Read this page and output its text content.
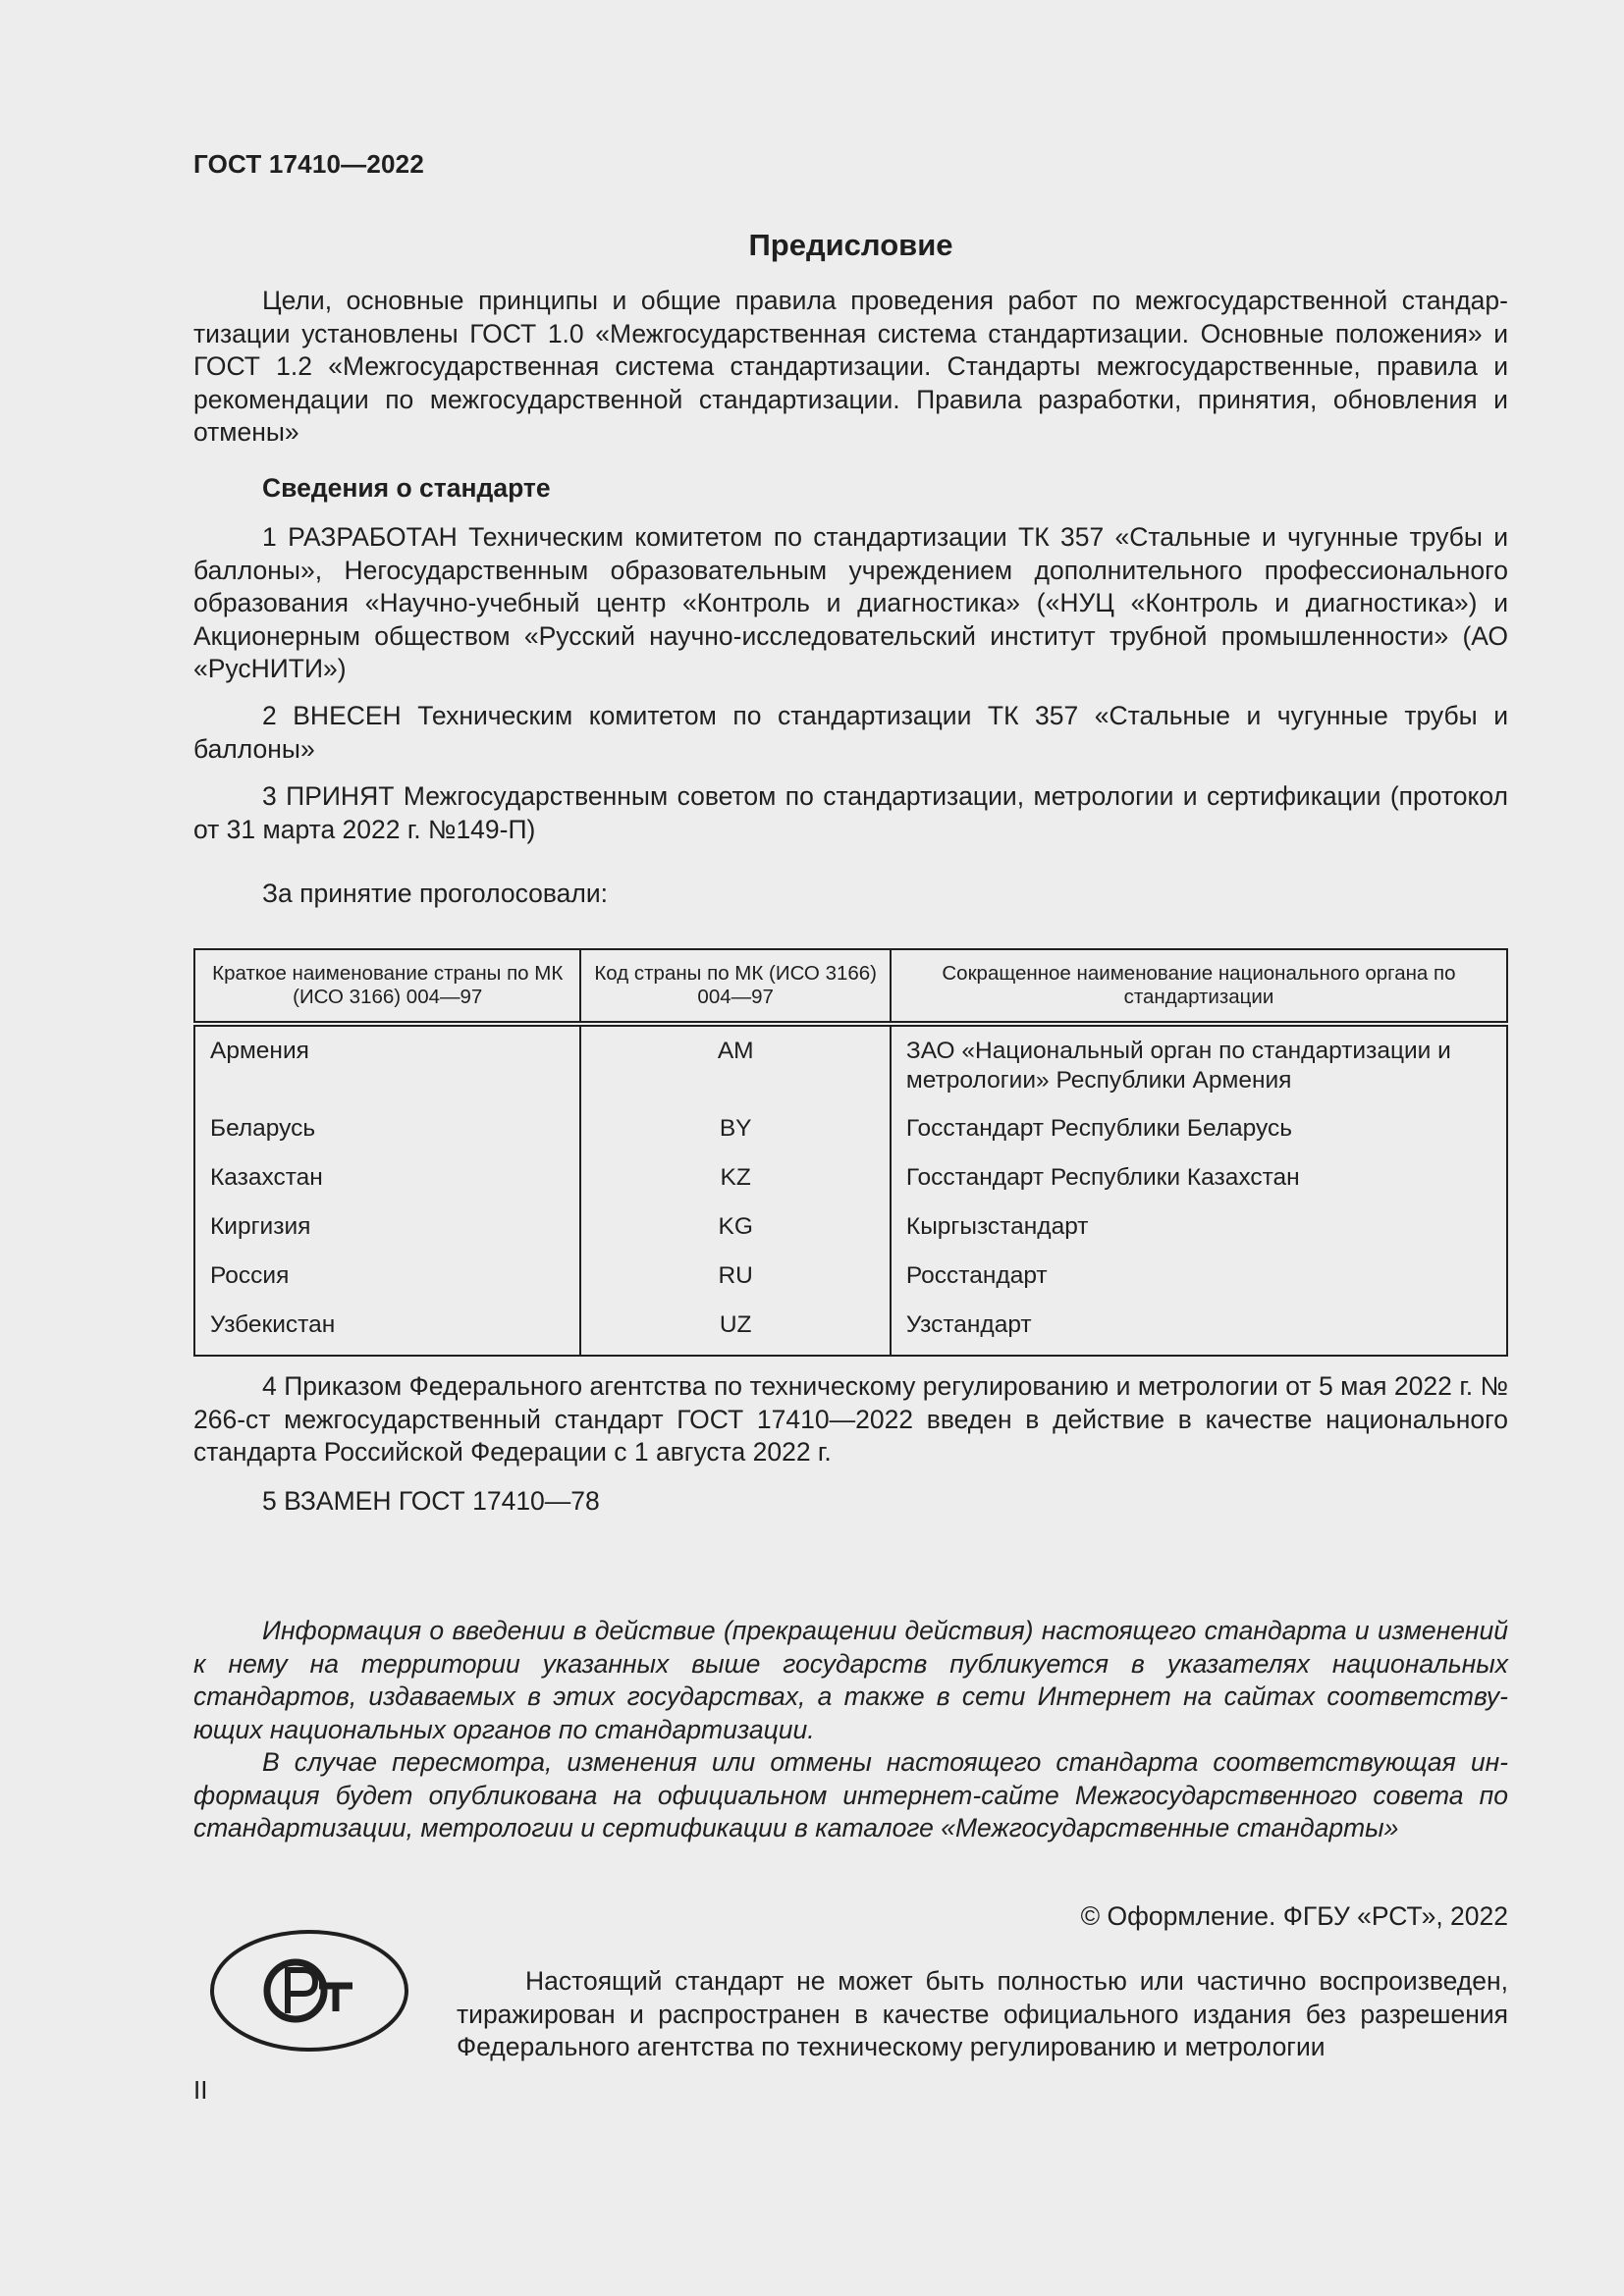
ГОСТ 17410—2022
Предисловие

Цели, основные принципы и общие правила проведения работ по межгосударственной стандартизации установлены ГОСТ 1.0 «Межгосударственная система стандартизации. Основные положения» и ГОСТ 1.2 «Межгосударственная система стандартизации. Стандарты межгосударственные, правила и рекомендации по межгосударственной стандартизации. Правила разработки, принятия, обновления и отмены»

Сведения о стандарте

1 РАЗРАБОТАН Техническим комитетом по стандартизации ТК 357 «Стальные и чугунные трубы и баллоны», Негосударственным образовательным учреждением дополнительного профессионального образования «Научно-учебный центр «Контроль и диагностика» («НУЦ «Контроль и диагностика») и Акционерным обществом «Русский научно-исследовательский институт трубной промышленности» (АО «РусНИТИ»)

2 ВНЕСЕН Техническим комитетом по стандартизации ТК 357 «Стальные и чугунные трубы и баллоны»

3 ПРИНЯТ Межгосударственным советом по стандартизации, метрологии и сертификации (протокол от 31 марта 2022 г. №149-П)

За принятие проголосовали:
Краткое наименование страны по МК (ИСО 3166) 004—97	Код страны по МК (ИСО 3166) 004—97	Сокращенное наименование национального органа по стандартизации
Армения	AM	ЗАО «Национальный орган по стандартизации и метрологии» Республики Армения
Беларусь	BY	Госстандарт Республики Беларусь
Казахстан	KZ	Госстандарт Республики Казахстан
Киргизия	KG	Кыргызстандарт
Россия	RU	Росстандарт
Узбекистан	UZ	Узстандарт

4 Приказом Федерального агентства по техническому регулированию и метрологии от 5 мая 2022 г. № 266-ст межгосударственный стандарт ГОСТ 17410—2022 введен в действие в качестве национального стандарта Российской Федерации с 1 августа 2022 г.

5 ВЗАМЕН ГОСТ 17410—78

Информация о введении в действие (прекращении действия) настоящего стандарта и изменений к нему на территории указанных выше государств публикуется в указателях национальных стандартов, издаваемых в этих государствах, а также в сети Интернет на сайтах соответствующих национальных органов по стандартизации.

В случае пересмотра, изменения или отмены настоящего стандарта соответствующая информация будет опубликована на официальном интернет-сайте Межгосударственного совета по стандартизации, метрологии и сертификации в каталоге «Межгосударственные стандарты»

© Оформление. ФГБУ «РСТ», 2022

Настоящий стандарт не может быть полностью или частично воспроизведен, тиражирован и распространен в качестве официального издания без разрешения Федерального агентства по техническому регулированию и метрологии

II
